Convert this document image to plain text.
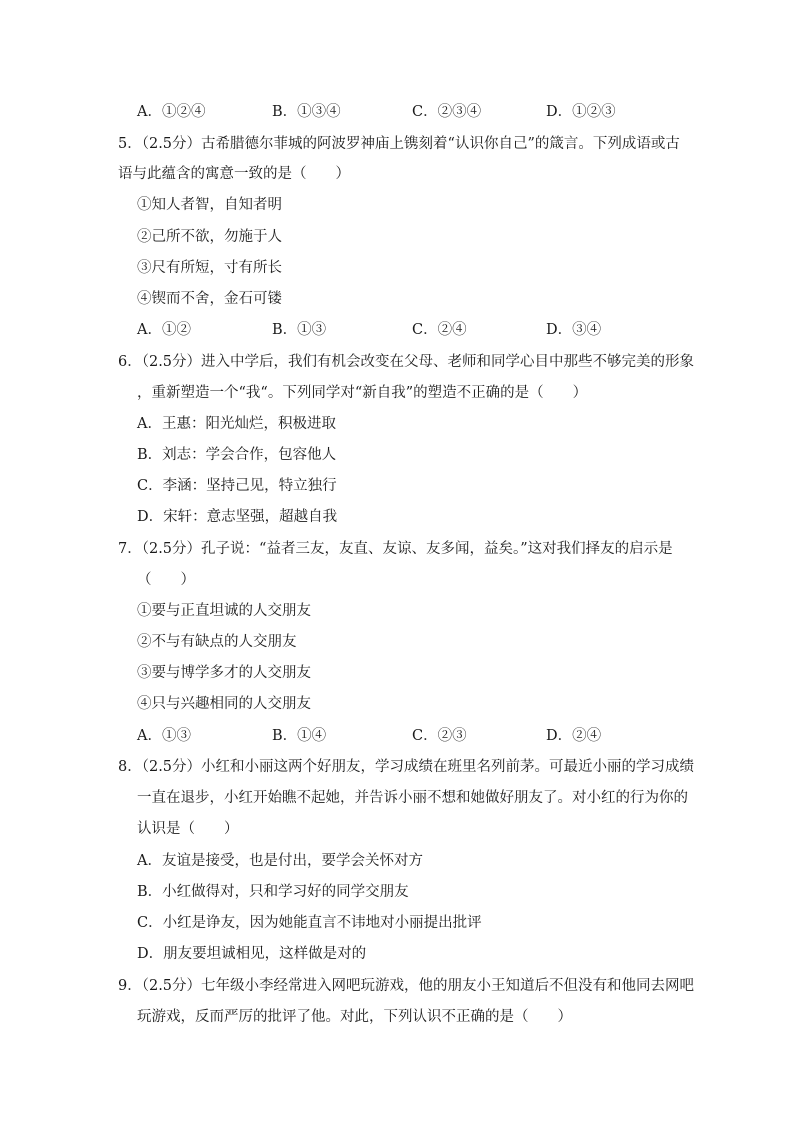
A．①②④	B．①③④	C．②③④	D．①②③
5．（2.5分）古希腊德尔菲城的阿波罗神庙上镌刻着“认识你自己”的箴言。下列成语或古
语与此蕴含的寓意一致的是（　　）
①知人者智，自知者明
②己所不欲，勿施于人
③尺有所短，寸有所长
④锲而不舍，金石可镂
A．①②	B．①③	C．②④	D．③④
6．（2.5分）进入中学后，我们有机会改变在父母、老师和同学心目中那些不够完美的形象
，重新塑造一个“我“。下列同学对“新自我”的塑造不正确的是（　　）
A．王惠：阳光灿烂，积极进取
B．刘志：学会合作，包容他人
C．李涵：坚持己见，特立独行
D．宋轩：意志坚强，超越自我
7．（2.5分）孔子说：“益者三友，友直、友谅、友多闻，益矣。”这对我们择友的启示是
（　　）
①要与正直坦诚的人交朋友
②不与有缺点的人交朋友
③要与博学多才的人交朋友
④只与兴趣相同的人交朋友
A．①③	B．①④	C．②③	D．②④
8．（2.5分）小红和小丽这两个好朋友，学习成绩在班里名列前茅。可最近小丽的学习成绩
一直在退步，小红开始瞧不起她，并告诉小丽不想和她做好朋友了。对小红的行为你的
认识是（　　）
A．友谊是接受，也是付出，要学会关怀对方
B．小红做得对，只和学习好的同学交朋友
C．小红是诤友，因为她能直言不讳地对小丽提出批评
D．朋友要坦诚相见，这样做是对的
9．（2.5分）七年级小李经常进入网吧玩游戏，他的朋友小王知道后不但没有和他同去网吧
玩游戏，反而严厉的批评了他。对此，下列认识不正确的是（　　）
